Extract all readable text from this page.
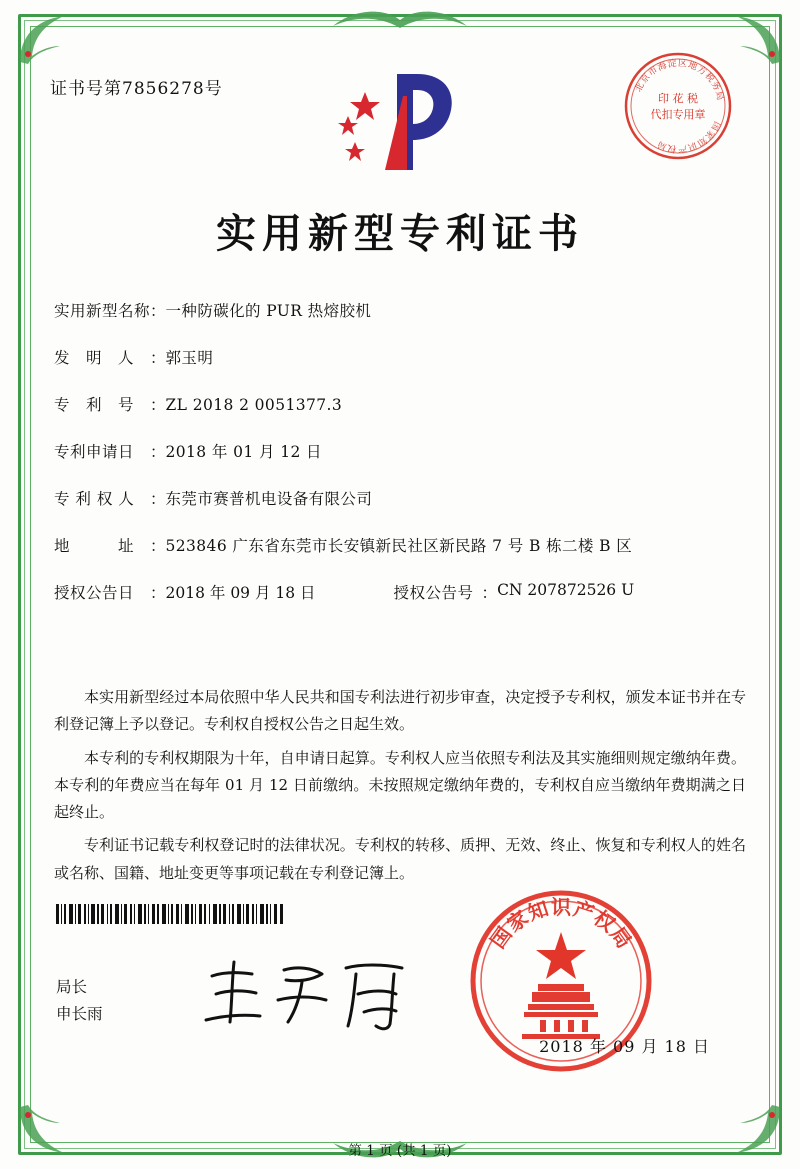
证书号第7856278号	北
京
市
海
淀 区 地
方
税
务
局
国
家
知
识
产
权
局
印 花 税
代扣专用章
实用新型专利证书
实用新型名称 ： 一种防碳化的 PUR 热熔胶机
发　明　人	： 郭玉明
专　利　号	： ZL 2018 2 0051377.3
专利申请日	： 2018 年 01 月 12 日
专 利 权 人	： 东莞市赛普机电设备有限公司
地　　　址	： 523846 广东省东莞市长安镇新民社区新民路 7 号 B 栋二楼 B 区
授权公告日	： 2018 年 09 月 18 日	授权公告号 ： CN 207872526 U

本实用新型经过本局依照中华人民共和国专利法进行初步审查，决定授予专利权，颁发本证书并在专利登记簿上予以登记。专利权自授权公告之日起生效。

本专利的专利权期限为十年，自申请日起算。专利权人应当依照专利法及其实施细则规定缴纳年费。本专利的年费应当在每年 01 月 12 日前缴纳。未按照规定缴纳年费的，专利权自应当缴纳年费期满之日起终止。

专利证书记载专利权登记时的法律状况。专利权的转移、质押、无效、终止、恢复和专利权人的姓名或名称、国籍、地址变更等事项记载在专利登记簿上。

局长
申长雨
国
家
知 识 产
权
局
2018 年 09 月 18 日
第 1 页 (共 1 页)
